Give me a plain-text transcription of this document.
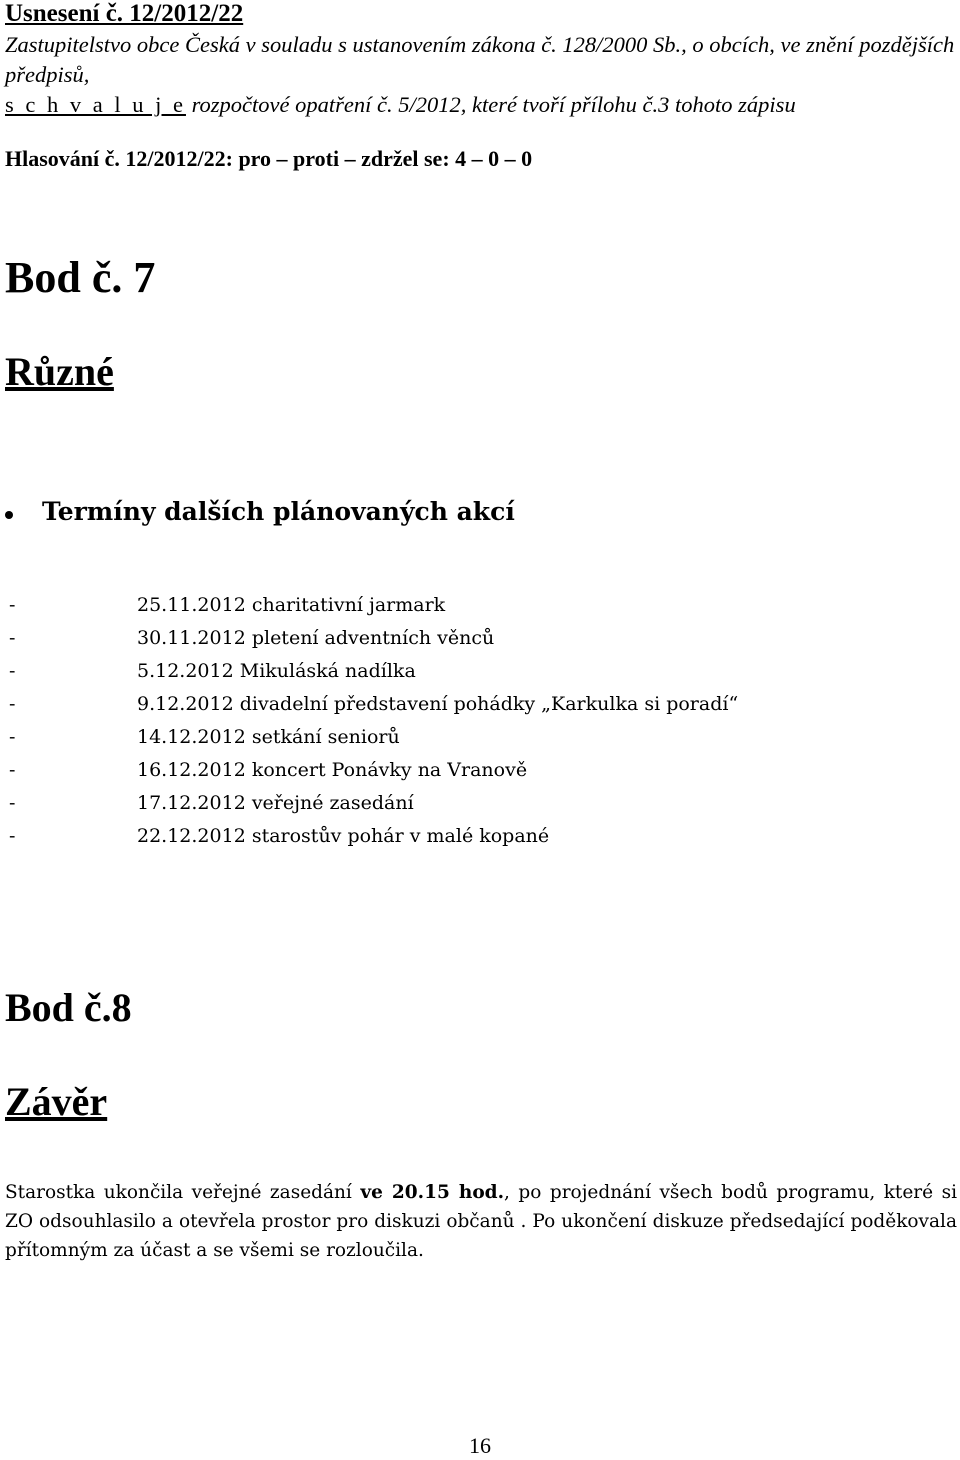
Usnesení č. 12/2012/22
Zastupitelstvo obce Česká v souladu s ustanovením zákona č. 128/2000 Sb., o obcích, ve znění pozdějších předpisů,
s c h v a l u j e rozpočtové opatření č. 5/2012, které tvoří přílohu č.3 tohoto zápisu
Hlasování č. 12/2012/22: pro – proti – zdržel se: 4 – 0 – 0
Bod č. 7
Různé
Termíny dalších plánovaných akcí
-	25.11.2012 charitativní jarmark
-	30.11.2012 pletení adventních věnců
-	5.12.2012 Mikuláská nadílka
-	9.12.2012 divadelní představení pohádky „Karkulka si poradí“
-	14.12.2012 setkání seniorů
-	16.12.2012 koncert Ponávky na Vranově
-	17.12.2012 veřejné zasedání
-	22.12.2012 starostův pohár v malé kopané
Bod č.8
Závěr
Starostka ukončila veřejné zasedání ve 20.15 hod., po projednání všech bodů programu, které si ZO odsouhlasilo a otevřela prostor pro diskuzi občanů . Po ukončení diskuze předsedající poděkovala přítomným za účast a se všemi se rozloučila.
16
